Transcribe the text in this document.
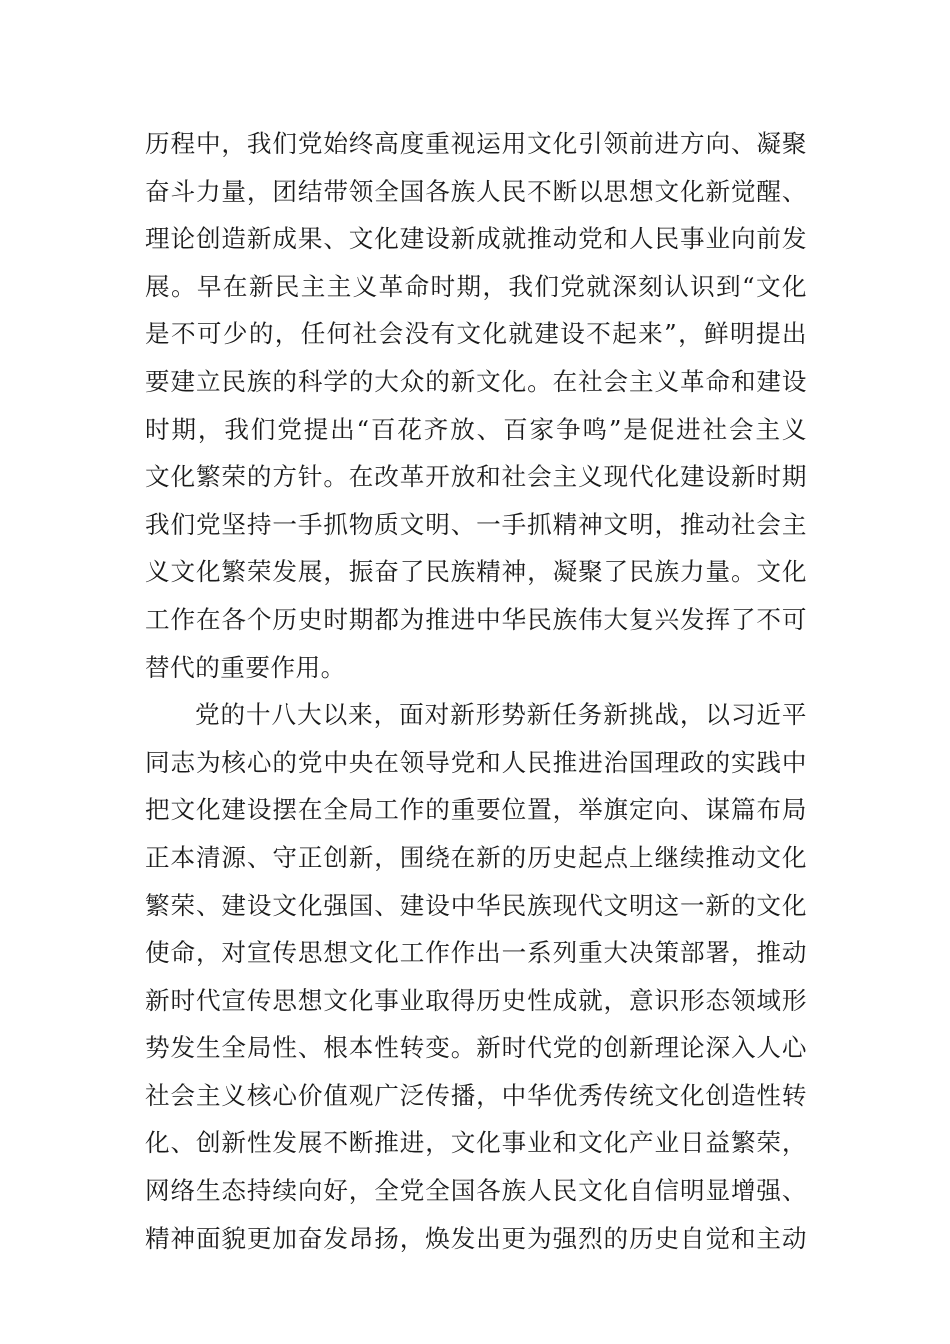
历程中，我们党始终高度重视运用文化引领前进方向、凝聚
奋斗力量，团结带领全国各族人民不断以思想文化新觉醒、
理论创造新成果、文化建设新成就推动党和人民事业向前发
展。早在新民主主义革命时期，我们党就深刻认识到“文化
是不可少的，任何社会没有文化就建设不起来”，鲜明提出
要建立民族的科学的大众的新文化。在社会主义革命和建设
时期，我们党提出“百花齐放、百家争鸣”是促进社会主义
文化繁荣的方针。在改革开放和社会主义现代化建设新时期
我们党坚持一手抓物质文明、一手抓精神文明，推动社会主
义文化繁荣发展，振奋了民族精神，凝聚了民族力量。文化
工作在各个历史时期都为推进中华民族伟大复兴发挥了不可
替代的重要作用。
党的十八大以来，面对新形势新任务新挑战，以习近平
同志为核心的党中央在领导党和人民推进治国理政的实践中
把文化建设摆在全局工作的重要位置，举旗定向、谋篇布局
正本清源、守正创新，围绕在新的历史起点上继续推动文化
繁荣、建设文化强国、建设中华民族现代文明这一新的文化
使命，对宣传思想文化工作作出一系列重大决策部署，推动
新时代宣传思想文化事业取得历史性成就，意识形态领域形
势发生全局性、根本性转变。新时代党的创新理论深入人心
社会主义核心价值观广泛传播，中华优秀传统文化创造性转
化、创新性发展不断推进，文化事业和文化产业日益繁荣，
网络生态持续向好，全党全国各族人民文化自信明显增强、
精神面貌更加奋发昂扬，焕发出更为强烈的历史自觉和主动
